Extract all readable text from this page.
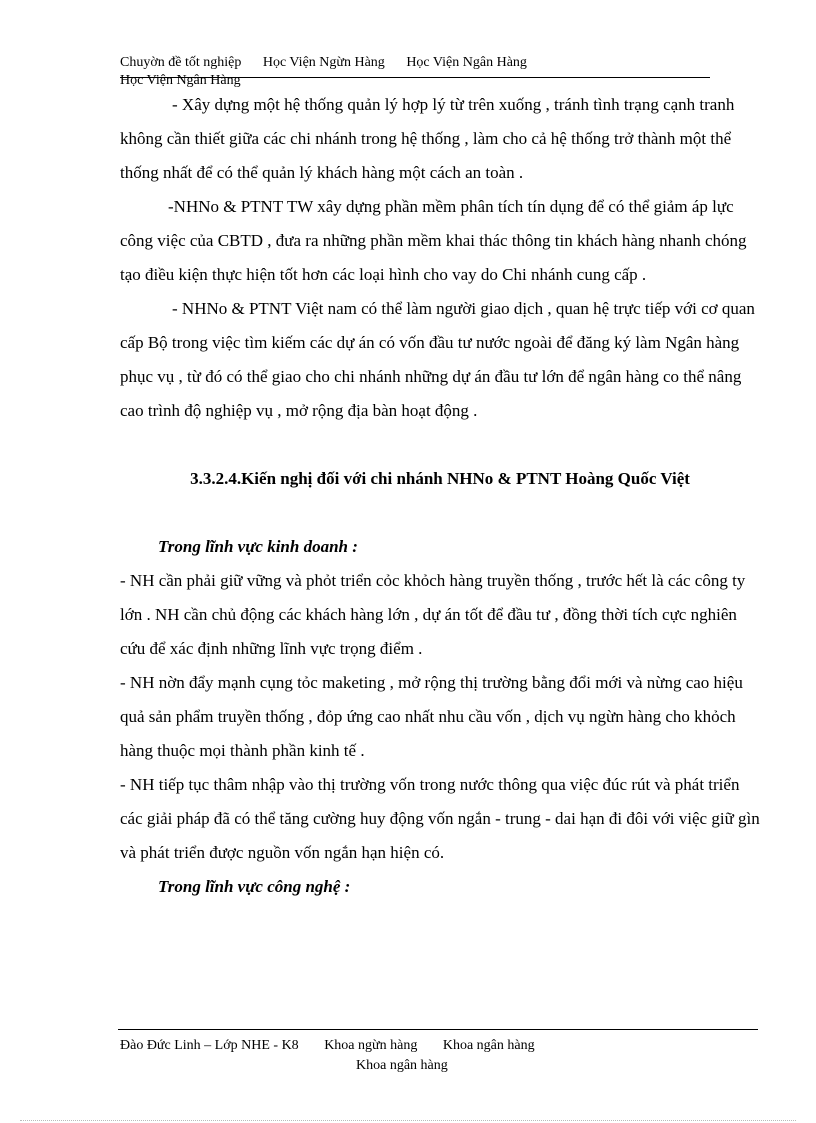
Chuyờn đề tốt nghiệp Học Viện Ngừn Hàng Học Viện Ngân Hàng
Học Viện Ngân Hàng

- Xây dựng một hệ thống quản lý hợp lý từ trên xuống , tránh tình trạng cạnh tranh không cần thiết giữa các chi nhánh trong hệ thống , làm cho cả hệ thống trở thành một thể thống nhất để có thể quản lý khách hàng một cách an toàn .

-NHNo & PTNT TW xây dựng phần mềm phân tích tín dụng để có thể giảm áp lực công việc của CBTD , đưa ra những phần mềm khai thác thông tin khách hàng nhanh chóng tạo điều kiện thực hiện tốt hơn các loại hình cho vay do Chi nhánh cung cấp .

- NHNo & PTNT Việt nam có thể làm người giao dịch , quan hệ trực tiếp với cơ quan cấp Bộ trong việc tìm kiếm các dự án có vốn đầu tư nước ngoài để đăng ký làm Ngân hàng phục vụ , từ đó có thể giao cho chi nhánh những dự án đầu tư lớn để ngân hàng co thể nâng cao trình độ nghiệp vụ , mở rộng địa bàn hoạt động .

3.3.2.4.Kiến nghị đối với chi nhánh NHNo & PTNT Hoàng Quốc Việt

Trong lĩnh vực kinh doanh :

- NH cần phải giữ vững và phỏt triển cỏc khỏch hàng truyền thống , trước hết là các công ty lớn . NH cần chủ động các khách hàng lớn , dự án tốt để đầu tư , đồng thời tích cực nghiên cứu để xác định những lĩnh vực trọng điểm .

- NH nờn đẩy mạnh cụng tỏc maketing , mở rộng thị trường bằng đổi mới và nừng cao hiệu quả sản phẩm truyền thống , đỏp ứng cao nhất nhu cầu vốn , dịch vụ ngừn hàng cho khỏch hàng thuộc mọi thành phần kinh tế .

- NH tiếp tục thâm nhập vào thị trường vốn trong nước thông qua việc đúc rút và phát triển các giải pháp đã có thể tăng cường huy động vốn ngắn - trung - dai hạn đi đôi với việc giữ gìn và phát triển được nguồn vốn ngắn hạn hiện có.

Trong lĩnh vực công nghệ :

Đào Đức Linh – Lớp NHE - K8 Khoa ngừn hàng Khoa ngân hàng
Khoa ngân hàng
